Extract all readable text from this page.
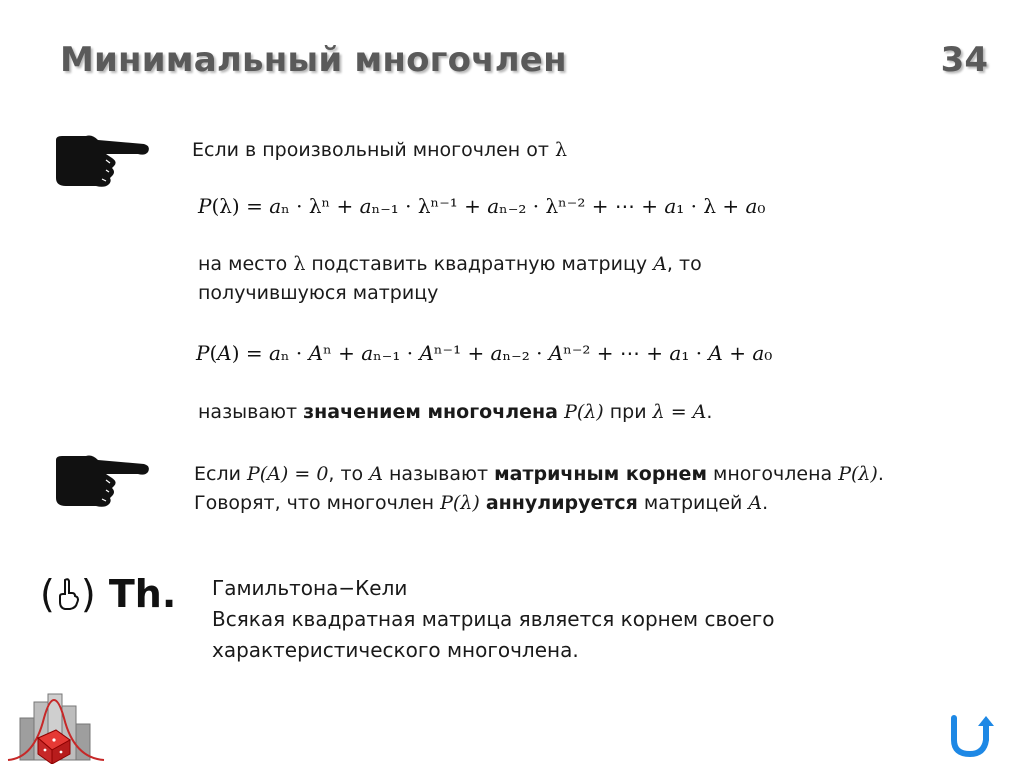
Минимальный многочлен	34
Если в произвольный многочлен от λ
𝑃(λ) = 𝑎ₙ · λⁿ + 𝑎ₙ₋₁ · λⁿ⁻¹ + 𝑎ₙ₋₂ · λⁿ⁻² + ⋯ + 𝑎₁ · λ + 𝑎₀
на место λ подставить квадратную матрицу 𝐴, то
получившуюся матрицу
𝑃(𝐴) = 𝑎ₙ · 𝐴ⁿ + 𝑎ₙ₋₁ · 𝐴ⁿ⁻¹ + 𝑎ₙ₋₂ · 𝐴ⁿ⁻² + ⋯ + 𝑎₁ · 𝐴 + 𝑎₀
называют значением многочлена 𝑃(λ) при λ = 𝐴.
Если 𝑃(𝐴) = 0, то 𝐴 называют матричным корнем многочлена 𝑃(λ).
Говорят, что многочлен 𝑃(λ) аннулируется матрицей 𝐴.
( ) Th. Гамильтона−Кели
Всякая квадратная матрица является корнем своего
характеристического многочлена.
